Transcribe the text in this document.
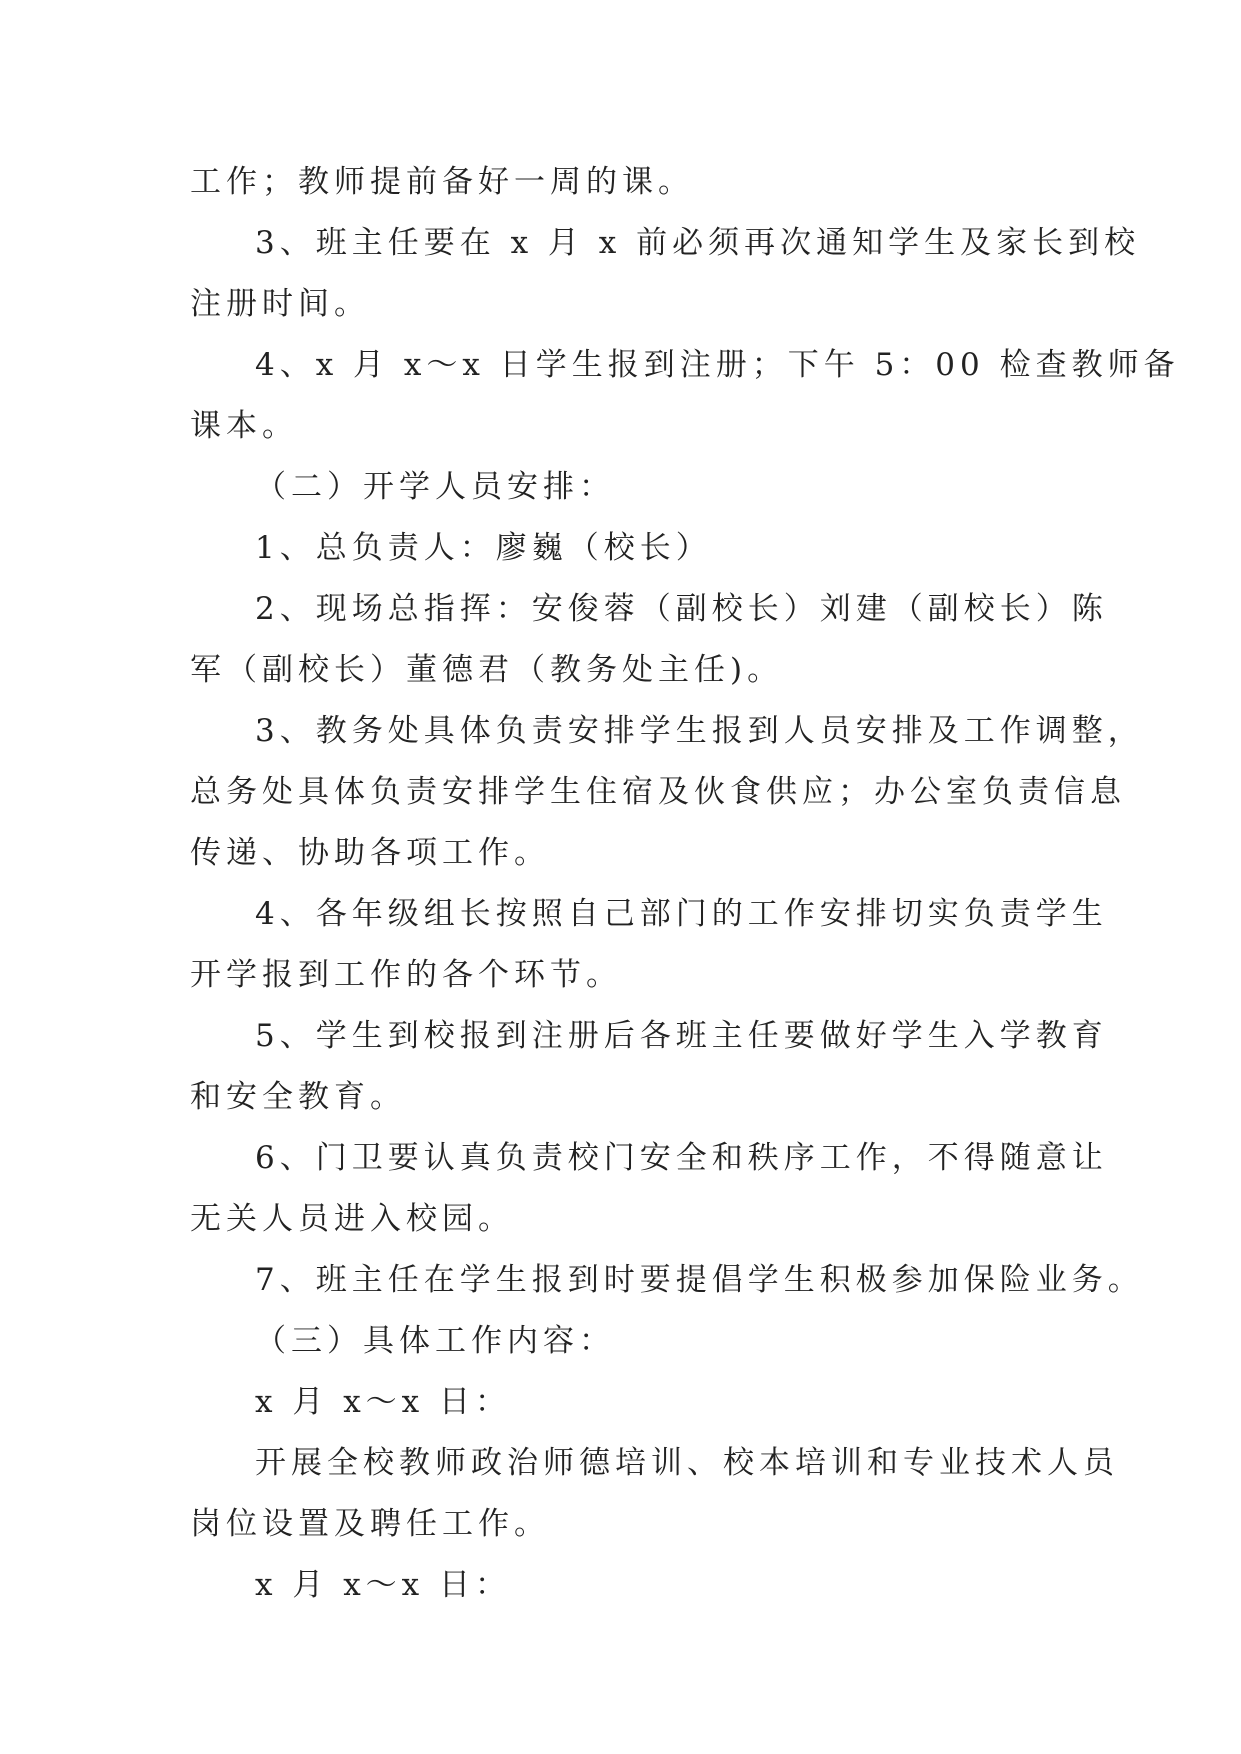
工作；教师提前备好一周的课。
3、班主任要在 x 月 x 前必须再次通知学生及家长到校
注册时间。
4、x 月 x～x 日学生报到注册；下午 5：00 检查教师备
课本。
（二）开学人员安排：
1、总负责人：廖巍（校长）
2、现场总指挥：安俊蓉（副校长）刘建（副校长）陈
军（副校长）董德君（教务处主任)。
3、教务处具体负责安排学生报到人员安排及工作调整，
总务处具体负责安排学生住宿及伙食供应；办公室负责信息
传递、协助各项工作。
4、各年级组长按照自己部门的工作安排切实负责学生
开学报到工作的各个环节。
5、学生到校报到注册后各班主任要做好学生入学教育
和安全教育。
6、门卫要认真负责校门安全和秩序工作，不得随意让
无关人员进入校园。
7、班主任在学生报到时要提倡学生积极参加保险业务。
（三）具体工作内容：
x 月 x～x 日：
开展全校教师政治师德培训、校本培训和专业技术人员
岗位设置及聘任工作。
x 月 x～x 日：
